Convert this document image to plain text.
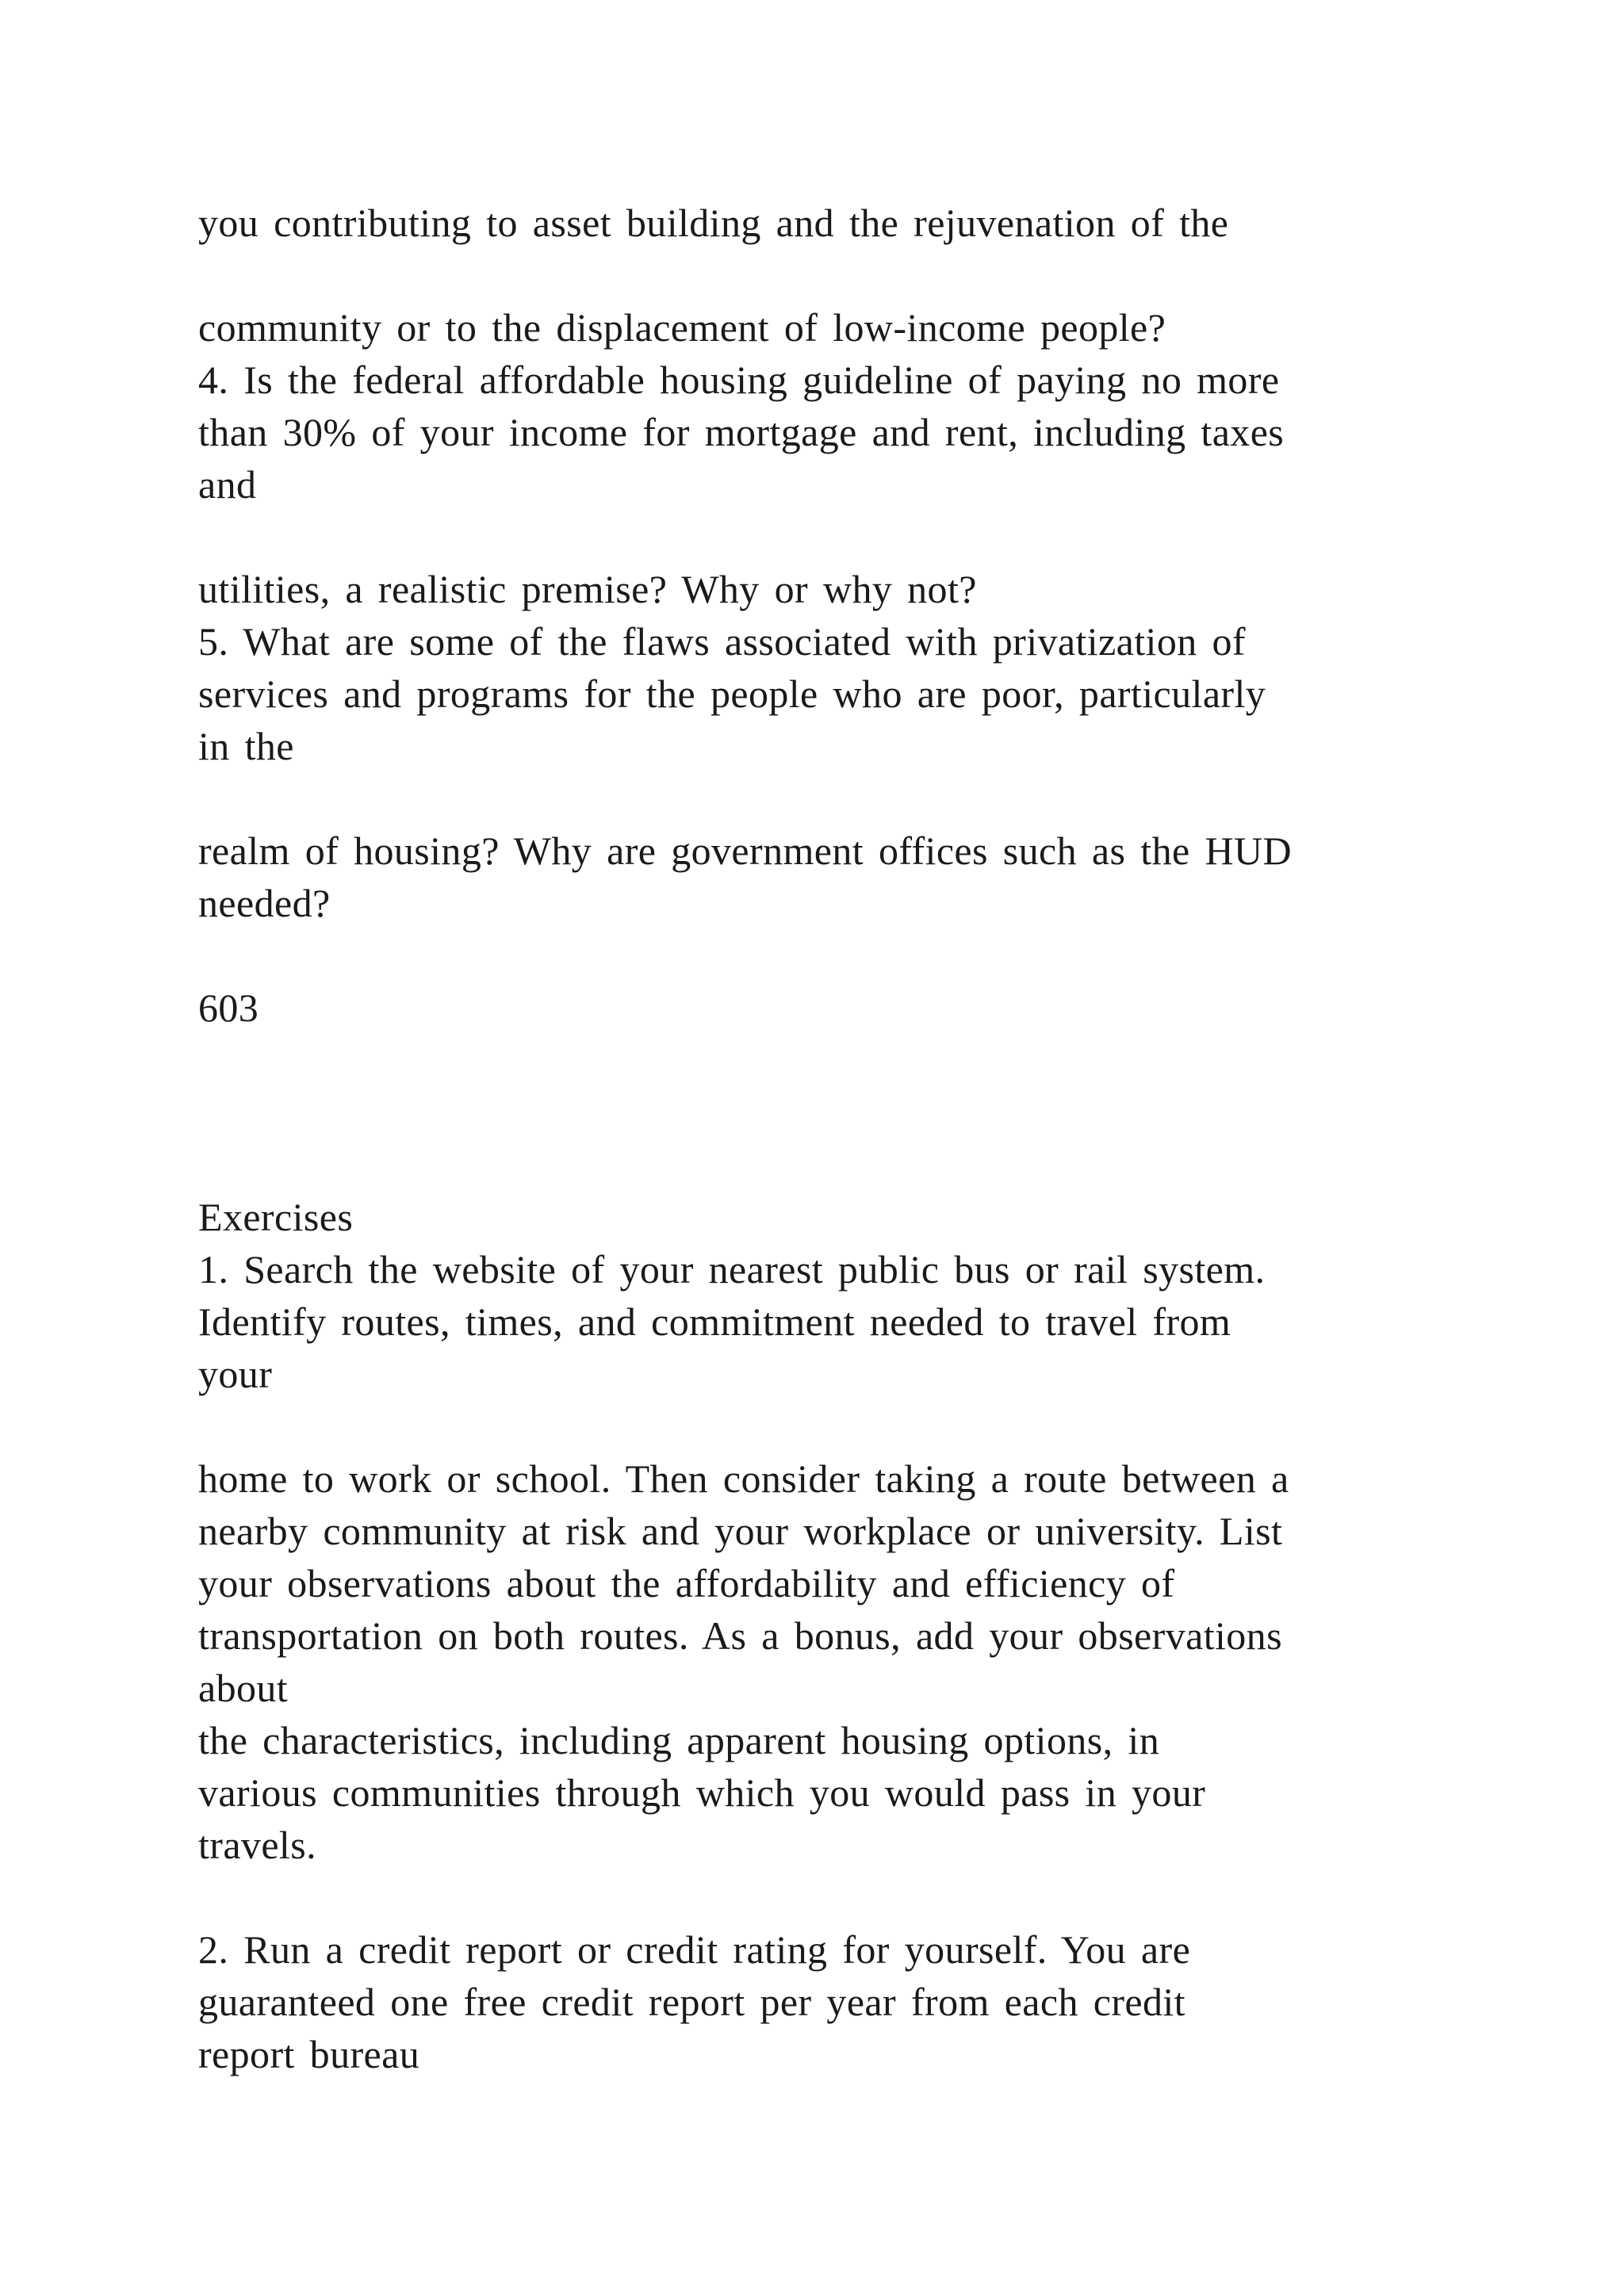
you contributing to asset building and the rejuvenation of the
community or to the displacement of low-income people?
4. Is the federal affordable housing guideline of paying no more
than 30% of your income for mortgage and rent, including taxes
and
utilities, a realistic premise? Why or why not?
5. What are some of the flaws associated with privatization of
services and programs for the people who are poor, particularly
in the
realm of housing? Why are government offices such as the HUD
needed?
603
Exercises
1. Search the website of your nearest public bus or rail system.
Identify routes, times, and commitment needed to travel from
your
home to work or school. Then consider taking a route between a
nearby community at risk and your workplace or university. List
your observations about the affordability and efficiency of
transportation on both routes. As a bonus, add your observations
about
the characteristics, including apparent housing options, in
various communities through which you would pass in your
travels.
2. Run a credit report or credit rating for yourself. You are
guaranteed one free credit report per year from each credit
report bureau
